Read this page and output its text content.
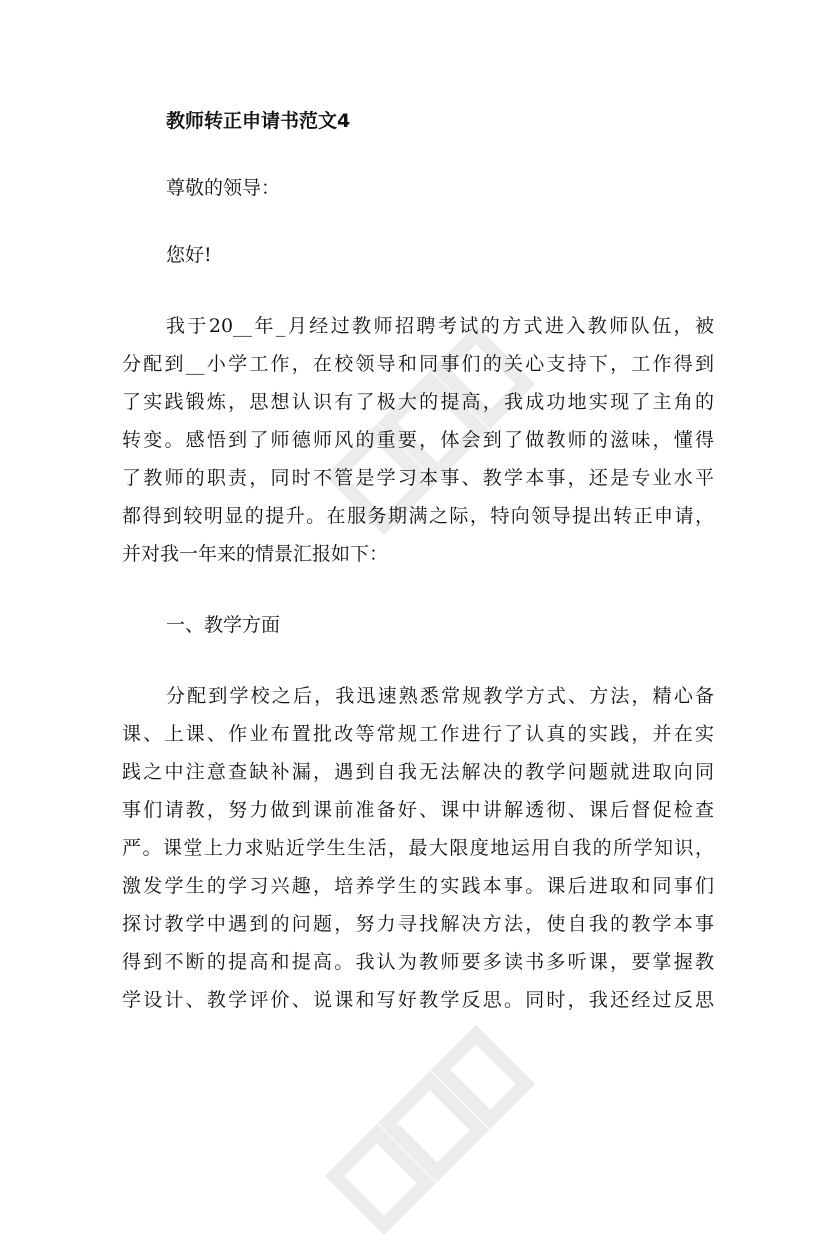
教师转正申请书范文4
尊敬的领导：
您好!
我于20__年_月经过教师招聘考试的方式进入教师队伍，被
分配到__小学工作，在校领导和同事们的关心支持下，工作得到
了实践锻炼，思想认识有了极大的提高，我成功地实现了主角的
转变。感悟到了师德师风的重要，体会到了做教师的滋味，懂得
了教师的职责，同时不管是学习本事、教学本事，还是专业水平
都得到较明显的提升。在服务期满之际，特向领导提出转正申请，
并对我一年来的情景汇报如下：
一、教学方面
分配到学校之后，我迅速熟悉常规教学方式、方法，精心备
课、上课、作业布置批改等常规工作进行了认真的实践，并在实
践之中注意查缺补漏，遇到自我无法解决的教学问题就进取向同
事们请教，努力做到课前准备好、课中讲解透彻、课后督促检查
严。课堂上力求贴近学生生活，最大限度地运用自我的所学知识，
激发学生的学习兴趣，培养学生的实践本事。课后进取和同事们
探讨教学中遇到的问题，努力寻找解决方法，使自我的教学本事
得到不断的提高和提高。我认为教师要多读书多听课，要掌握教
学设计、教学评价、说课和写好教学反思。同时，我还经过反思
